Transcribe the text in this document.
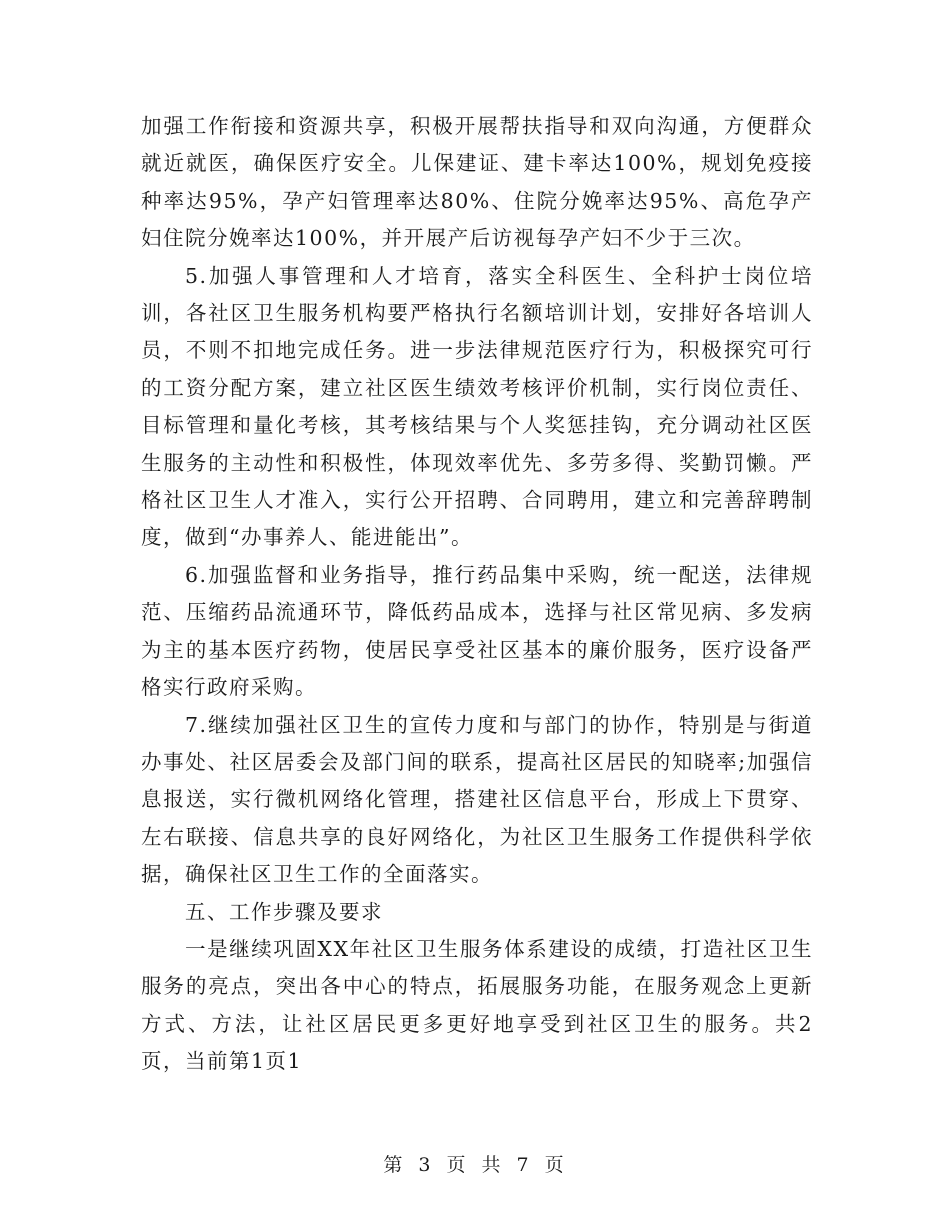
加强工作衔接和资源共享，积极开展帮扶指导和双向沟通，方便群众就近就医，确保医疗安全。儿保建证、建卡率达100%，规划免疫接种率达95%，孕产妇管理率达80%、住院分娩率达95%、高危孕产妇住院分娩率达100%，并开展产后访视每孕产妇不少于三次。

5.加强人事管理和人才培育，落实全科医生、全科护士岗位培训，各社区卫生服务机构要严格执行名额培训计划，安排好各培训人员，不则不扣地完成任务。进一步法律规范医疗行为，积极探究可行的工资分配方案，建立社区医生绩效考核评价机制，实行岗位责任、目标管理和量化考核，其考核结果与个人奖惩挂钩，充分调动社区医生服务的主动性和积极性，体现效率优先、多劳多得、奖勤罚懒。严格社区卫生人才准入，实行公开招聘、合同聘用，建立和完善辞聘制度，做到“办事养人、能进能出”。

6.加强监督和业务指导，推行药品集中采购，统一配送，法律规范、压缩药品流通环节，降低药品成本，选择与社区常见病、多发病为主的基本医疗药物，使居民享受社区基本的廉价服务，医疗设备严格实行政府采购。

7.继续加强社区卫生的宣传力度和与部门的协作，特别是与街道办事处、社区居委会及部门间的联系，提高社区居民的知晓率;加强信息报送，实行微机网络化管理，搭建社区信息平台，形成上下贯穿、左右联接、信息共享的良好网络化，为社区卫生服务工作提供科学依据，确保社区卫生工作的全面落实。

五、工作步骤及要求

一是继续巩固XX年社区卫生服务体系建设的成绩，打造社区卫生服务的亮点，突出各中心的特点，拓展服务功能，在服务观念上更新方式、方法，让社区居民更多更好地享受到社区卫生的服务。共2页，当前第1页1

第 3 页 共 7 页
